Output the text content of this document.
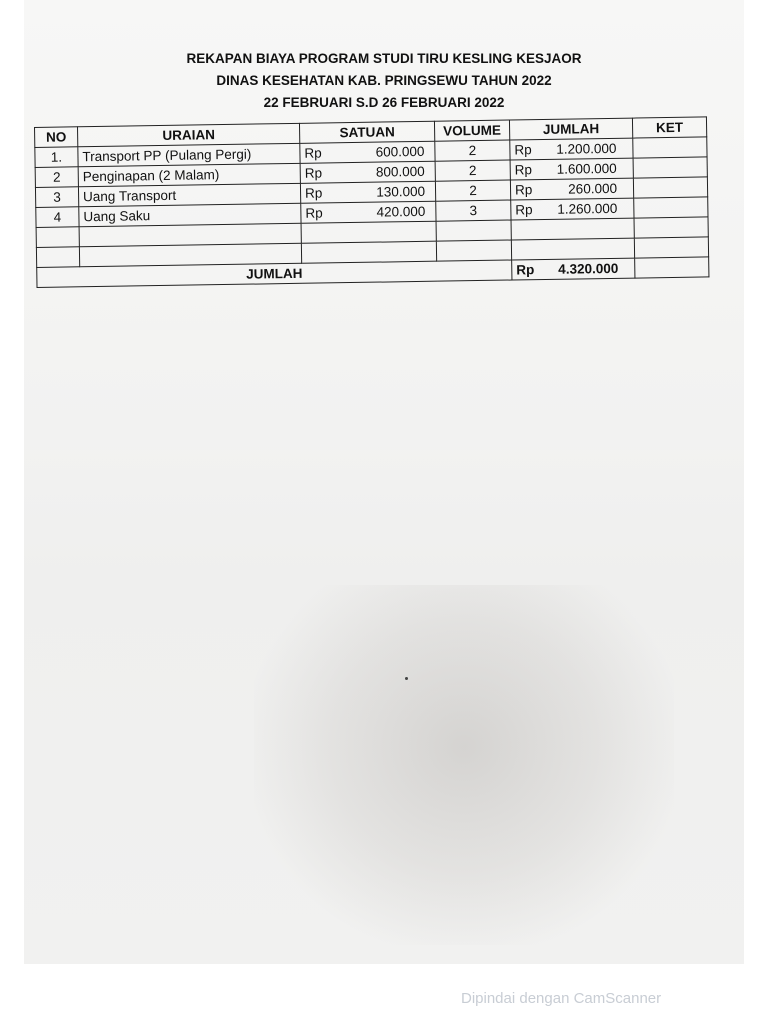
REKAPAN BIAYA PROGRAM STUDI TIRU KESLING KESJAOR
DINAS KESEHATAN KAB. PRINGSEWU TAHUN 2022
22 FEBRUARI S.D 26 FEBRUARI 2022
NO	URAIAN	SATUAN	VOLUME	JUMLAH	KET
1.	Transport PP (Pulang Pergi)	Rp 600.000	2	Rp 1.200.000	
2	Penginapan (2 Malam)	Rp 800.000	2	Rp 1.600.000	
3	Uang Transport	Rp 130.000	2	Rp 260.000	
4	Uang Saku	Rp 420.000	3	Rp 1.260.000	

JUMLAH				Rp 4.320.000	
Dipindai dengan CamScanner
